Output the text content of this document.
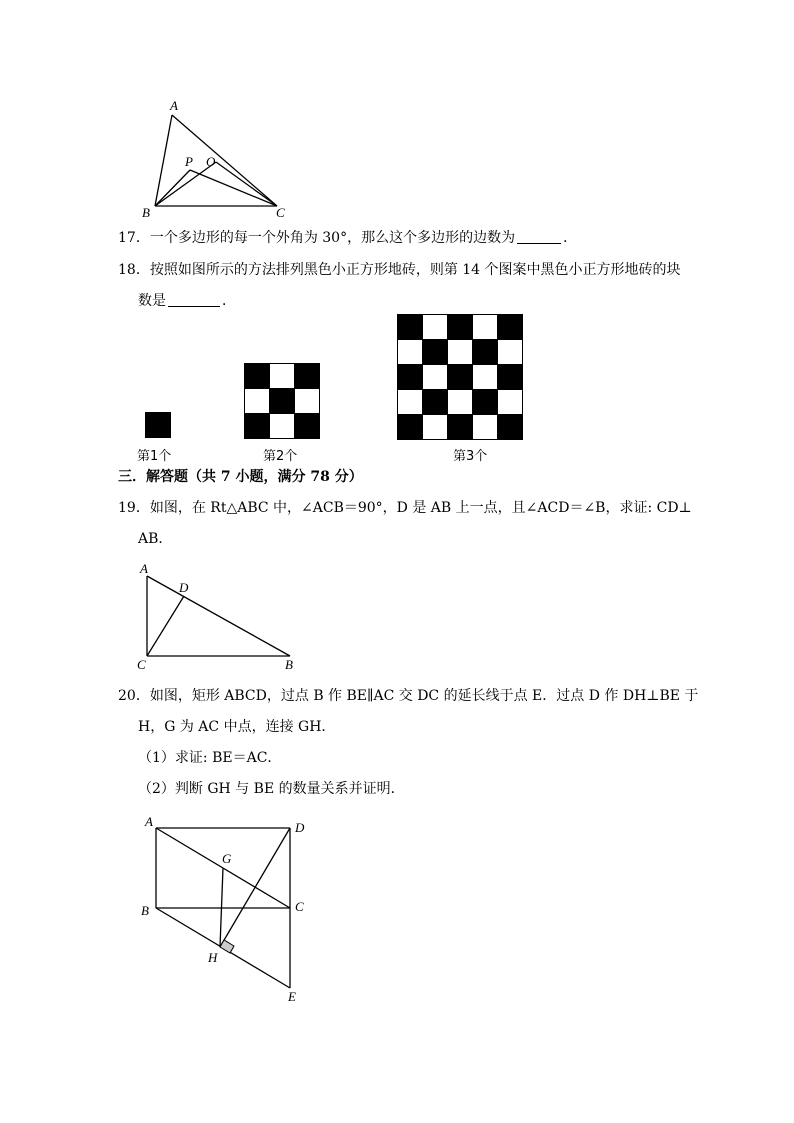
A
B	C
P O
17．一个多边形的每一个外角为 30°，那么这个多边形的边数为	．
18．按照如图所示的方法排列黑色小正方形地砖，则第 14 个图案中黑色小正方形地砖的块
数是	．
第1个	第2个	第3个
三．解答题（共 7 小题，满分 78 分）
19．如图，在 Rt△ABC 中，∠ACB＝90°，D 是 AB 上一点，且∠ACD＝∠B，求证: CD⊥
AB．
A
D
C	B
20．如图，矩形 ABCD，过点 B 作 BE∥AC 交 DC 的延长线于点 E．过点 D 作 DH⊥BE 于
H，G 为 AC 中点，连接 GH．
（1）求证: BE＝AC．
（2）判断 GH 与 BE 的数量关系并证明．
A	D
G
B	C
H
E
